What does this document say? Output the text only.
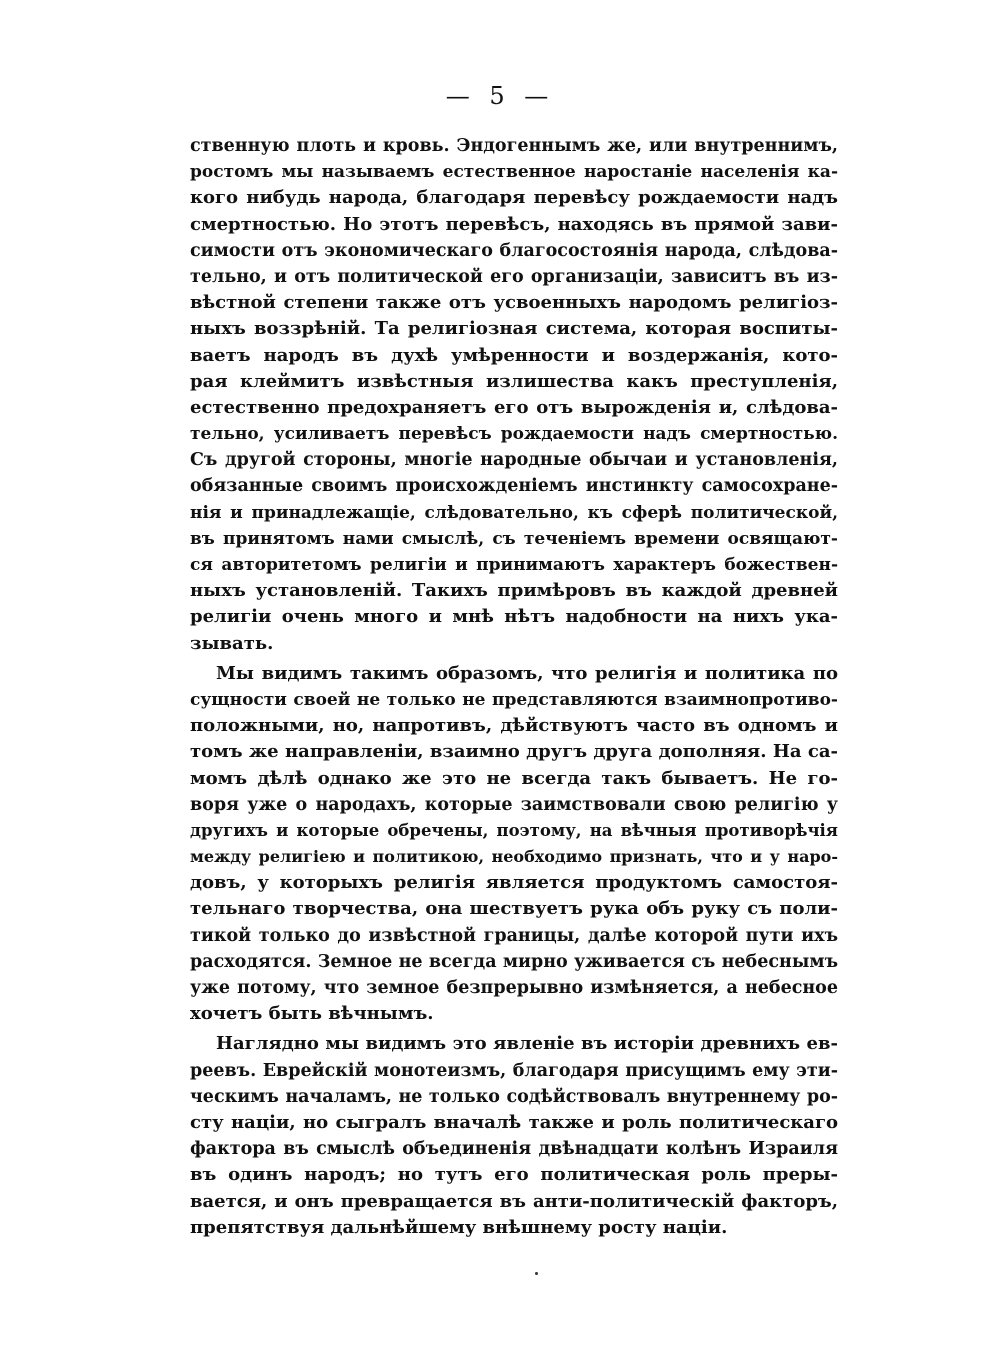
— 5 —
ственную плоть и кровь. Эндогеннымъ же, или внутреннимъ,
ростомъ мы называемъ естественное наростаніе населенія ка-
кого нибудь народа, благодаря перевѣсу рождаемости надъ
смертностью. Но этотъ перевѣсъ, находясь въ прямой зави-
симости отъ экономическаго благосостоянія народа, слѣдова-
тельно, и отъ политической его организаціи, зависитъ въ из-
вѣстной степени также отъ усвоенныхъ народомъ религіоз-
ныхъ воззрѣній. Та религіозная система, которая воспиты-
ваетъ народъ въ духѣ умѣренности и воздержанія, кото-
рая клеймитъ извѣстныя излишества какъ преступленія,
естественно предохраняетъ его отъ вырожденія и, слѣдова-
тельно, усиливаетъ перевѣсъ рождаемости надъ смертностью.
Съ другой стороны, многіе народные обычаи и установленія,
обязанные своимъ происхожденіемъ инстинкту самосохране-
нія и принадлежащіе, слѣдовательно, къ сферѣ политической,
въ принятомъ нами смыслѣ, съ теченіемъ времени освящают-
ся авторитетомъ религіи и принимаютъ характеръ божествен-
ныхъ установленій. Такихъ примѣровъ въ каждой древней
религіи очень много и мнѣ нѣтъ надобности на нихъ ука-
зывать.
Мы видимъ такимъ образомъ, что религія и политика по
сущности своей не только не представляются взаимнопротиво-
положными, но, напротивъ, дѣйствуютъ часто въ одномъ и
томъ же направленіи, взаимно другъ друга дополняя. На са-
момъ дѣлѣ однако же это не всегда такъ бываетъ. Не го-
воря уже о народахъ, которые заимствовали свою религію у
другихъ и которые обречены, поэтому, на вѣчныя противорѣчія
между религіею и политикою, необходимо признать, что и у наро-
довъ, у которыхъ религія является продуктомъ самостоя-
тельнаго творчества, она шествуетъ рука объ руку съ поли-
тикой только до извѣстной границы, далѣе которой пути ихъ
расходятся. Земное не всегда мирно уживается съ небеснымъ
уже потому, что земное безпрерывно измѣняется, а небесное
хочетъ быть вѣчнымъ.
Наглядно мы видимъ это явленіе въ исторіи древнихъ ев-
реевъ. Еврейскій монотеизмъ, благодаря присущимъ ему эти-
ческимъ началамъ, не только содѣйствовалъ внутреннему ро-
сту націи, но сыгралъ вначалѣ также и роль политическаго
фактора въ смыслѣ объединенія двѣнадцати колѣнъ Израиля
въ одинъ народъ; но тутъ его политическая роль преры-
вается, и онъ превращается въ анти-политическій факторъ,
препятствуя дальнѣйшему внѣшнему росту націи.
